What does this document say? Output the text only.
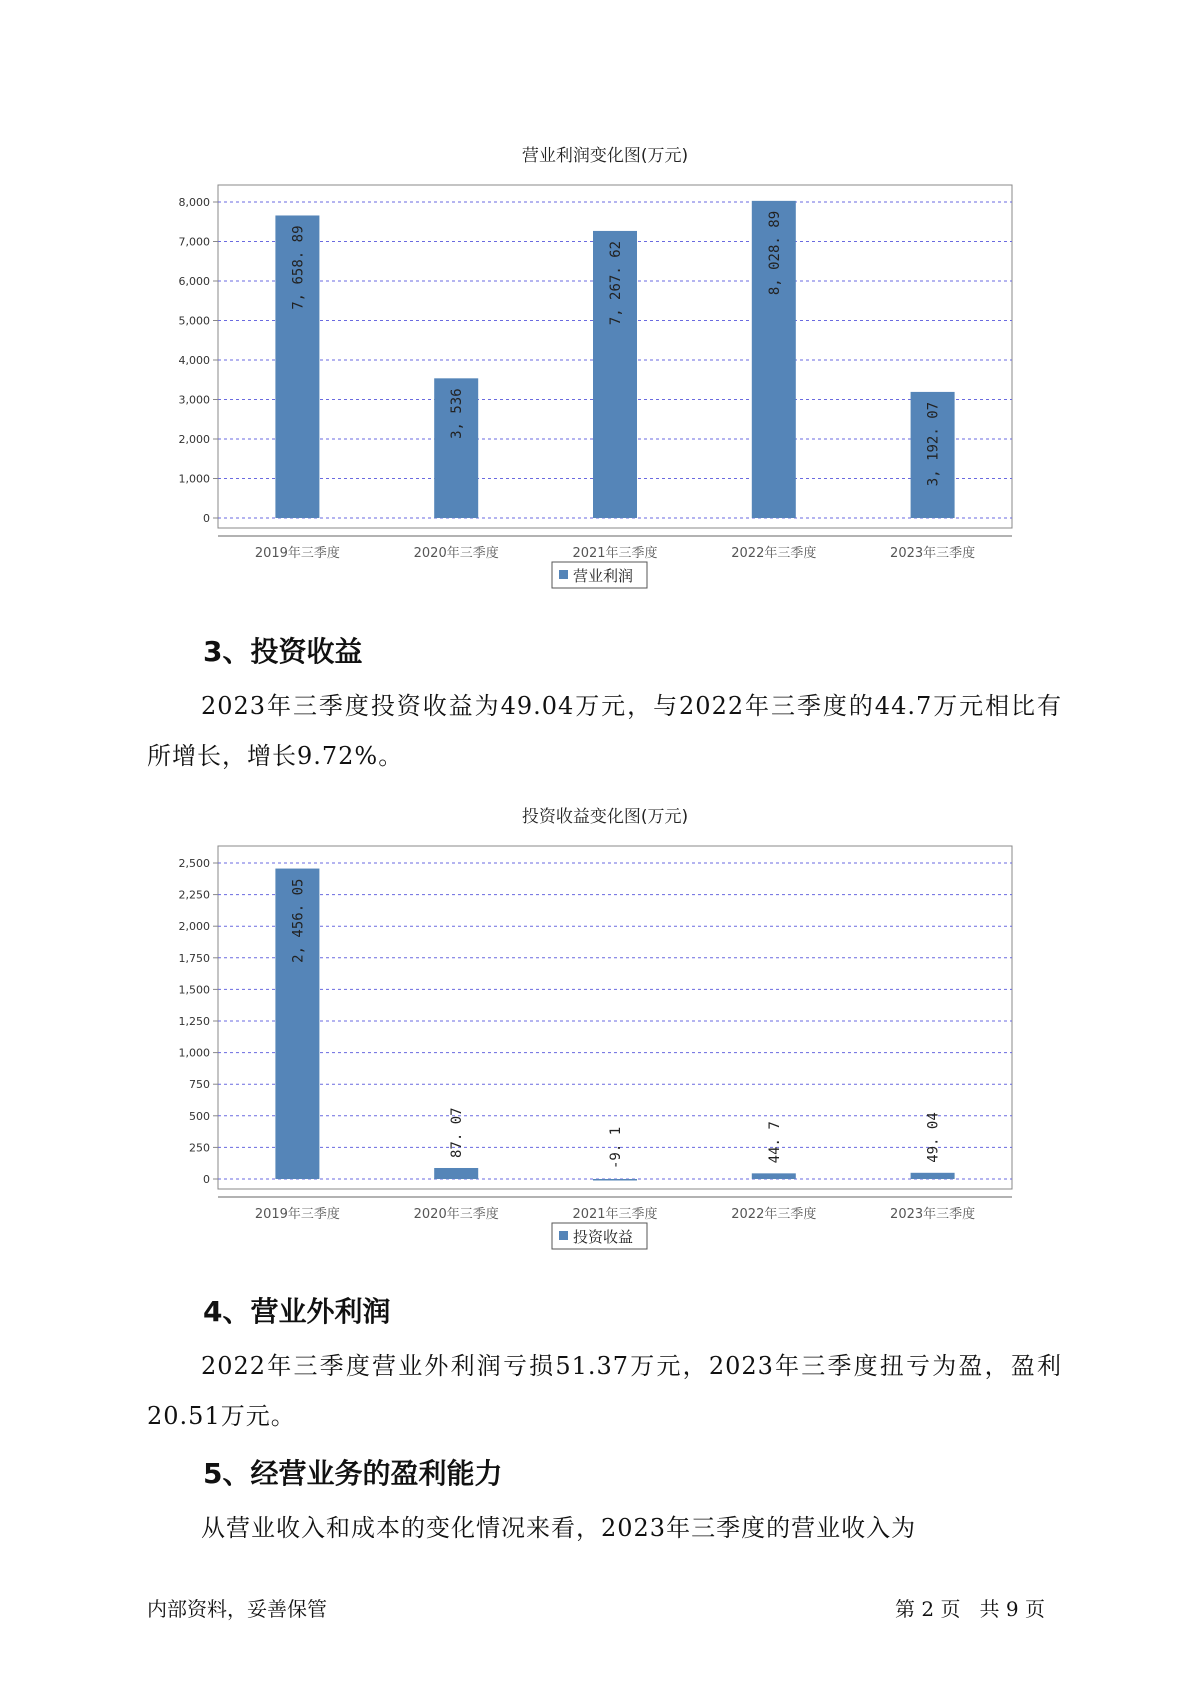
营业利润变化图(万元)
0
1,000
2,000
3,000
4,000
5,000
6,000
7,000
8,000
7, 658. 89
2019年三季度
3, 536
2020年三季度
7, 267. 62
2021年三季度
8, 028. 89
2022年三季度
3, 192. 07
2023年三季度
营业利润
3、投资收益

2023年三季度投资收益为49.04万元，与2022年三季度的44.7万元相比有所增长，增长9.72%。

投资收益变化图(万元)
0
250
500
750
1,000
1,250
1,500
1,750
2,000
2,250
2,500
2, 456. 05
2019年三季度
87. 07
2020年三季度
-9. 1
2021年三季度
44. 7
2022年三季度
49. 04
2023年三季度
投资收益
4、营业外利润

2022年三季度营业外利润亏损51.37万元，2023年三季度扭亏为盈，盈利20.51万元。

5、经营业务的盈利能力

从营业收入和成本的变化情况来看，2023年三季度的营业收入为

内部资料，妥善保管	第 2 页   共 9 页
